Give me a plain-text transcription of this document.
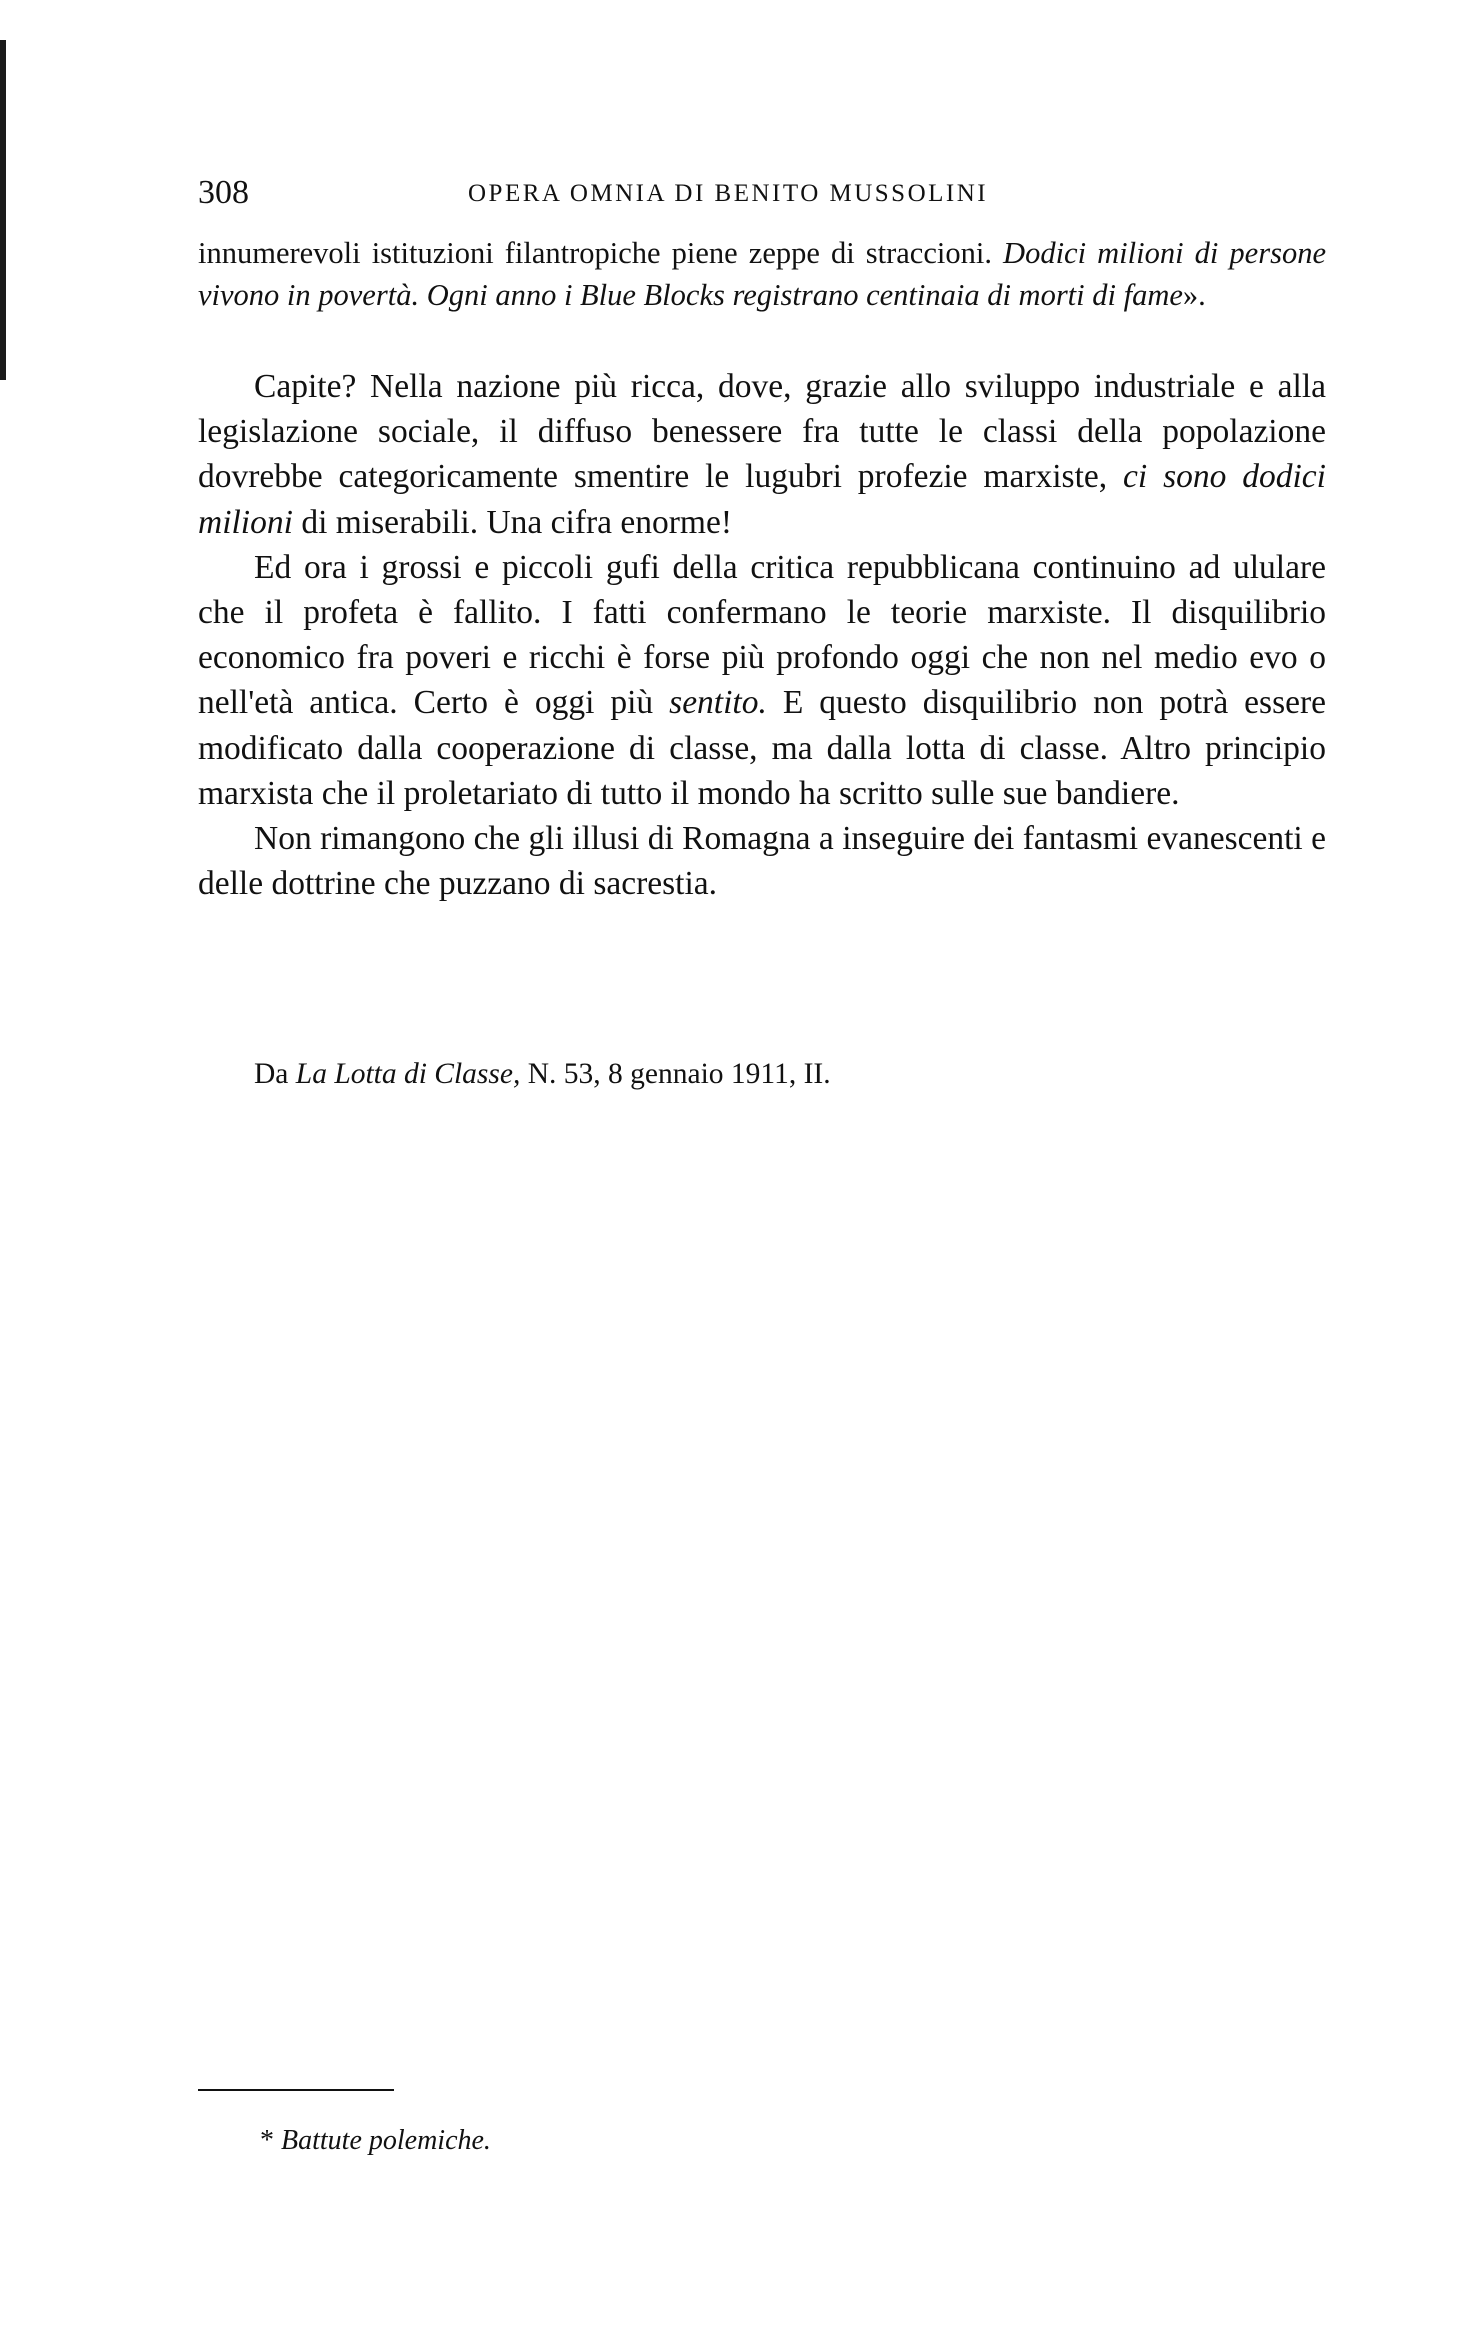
308	OPERA OMNIA DI BENITO MUSSOLINI

innumerevoli istituzioni filantropiche piene zeppe di straccioni. Dodici milioni di persone vivono in povertà. Ogni anno i Blue Blocks registrano centinaia di morti di fame».

Capite? Nella nazione più ricca, dove, grazie allo sviluppo industriale e alla legislazione sociale, il diffuso benessere fra tutte le classi della popolazione dovrebbe categoricamente smentire le lugubri profezie marxiste, ci sono dodici milioni di miserabili. Una cifra enorme!

Ed ora i grossi e piccoli gufi della critica repubblicana continuino ad ululare che il profeta è fallito. I fatti confermano le teorie marxiste. Il disquilibrio economico fra poveri e ricchi è forse più profondo oggi che non nel medio evo o nell'età antica. Certo è oggi più sentito. E questo disquilibrio non potrà essere modificato dalla cooperazione di classe, ma dalla lotta di classe. Altro principio marxista che il proletariato di tutto il mondo ha scritto sulle sue bandiere.

Non rimangono che gli illusi di Romagna a inseguire dei fantasmi evanescenti e delle dottrine che puzzano di sacrestia.

Da La Lotta di Classe, N. 53, 8 gennaio 1911, II.
* Battute polemiche.
